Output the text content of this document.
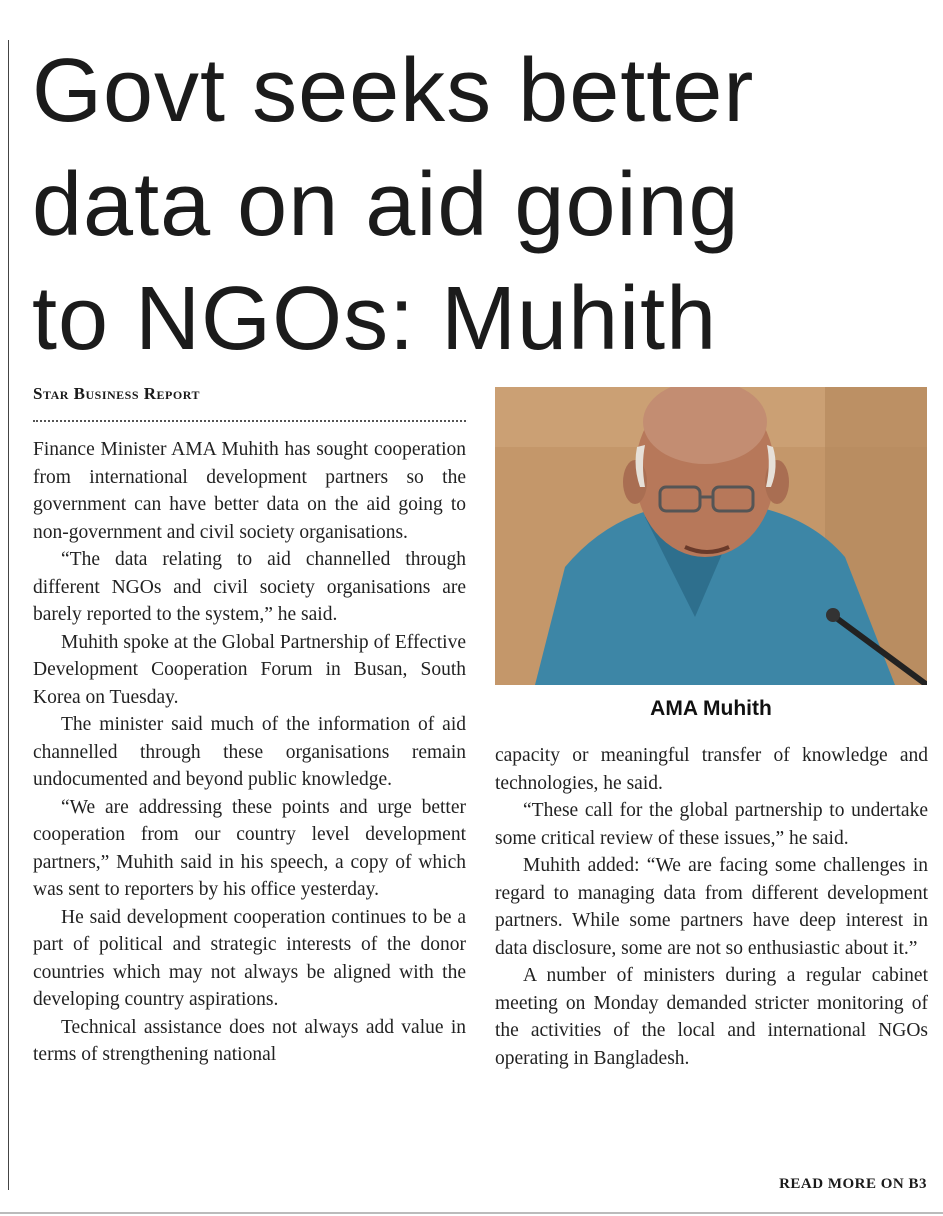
Govt seeks better
data on aid going
to NGOs: Muhith

Star Business Report

Finance Minister AMA Muhith has sought cooperation from international development partners so the government can have better data on the aid going to non-government and civil society organisations.

“The data relating to aid channelled through different NGOs and civil society organisations are barely reported to the system,” he said.

Muhith spoke at the Global Partnership of Effective Development Cooperation Forum in Busan, South Korea on Tuesday.

The minister said much of the information of aid channelled through these organisations remain undocumented and beyond public knowledge.

“We are addressing these points and urge better cooperation from our country level development partners,” Muhith said in his speech, a copy of which was sent to reporters by his office yesterday.

He said development cooperation continues to be a part of political and strategic interests of the donor countries which may not always be aligned with the developing country aspirations.

Technical assistance does not always add value in terms of strengthening national

AMA Muhith

capacity or meaningful transfer of knowledge and technologies, he said.

“These call for the global partnership to undertake some critical review of these issues,” he said.

Muhith added: “We are facing some challenges in regard to managing data from different development partners. While some partners have deep interest in data disclosure, some are not so enthusiastic about it.”

A number of ministers during a regular cabinet meeting on Monday demanded stricter monitoring of the activities of the local and international NGOs operating in Bangladesh.

READ MORE ON B3
